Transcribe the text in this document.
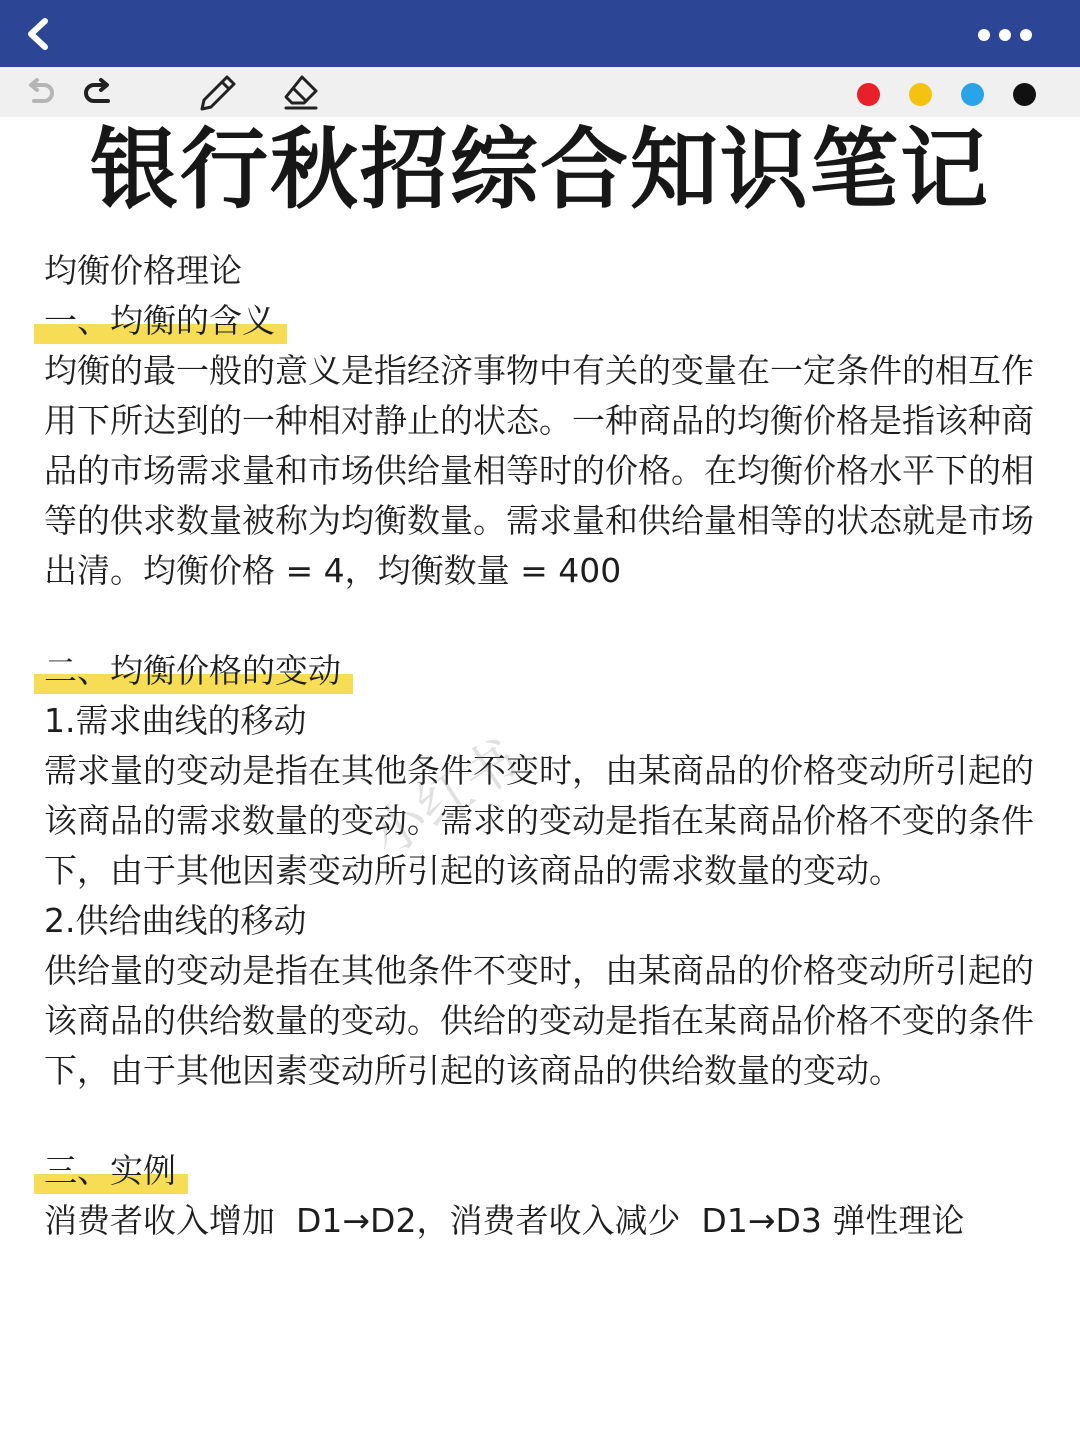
银行秋招综合知识笔记
均衡价格理论
一、均衡的含义
均衡的最一般的意义是指经济事物中有关的变量在一定条件的相互作用下所达到的一种相对静止的状态。一种商品的均衡价格是指该种商品的市场需求量和市场供给量相等时的价格。在均衡价格水平下的相等的供求数量被称为均衡数量。需求量和供给量相等的状态就是市场出清。均衡价格 = 4，均衡数量 = 400
二、均衡价格的变动
1.需求曲线的移动
需求量的变动是指在其他条件不变时，由某商品的价格变动所引起的该商品的需求数量的变动。需求的变动是指在某商品价格不变的条件下，由于其他因素变动所引起的该商品的需求数量的变动。
2.供给曲线的移动
供给量的变动是指在其他条件不变时，由某商品的价格变动所引起的该商品的供给数量的变动。供给的变动是指在某商品价格不变的条件下，由于其他因素变动所引起的该商品的供给数量的变动。
三、实例
消费者收入增加  D1→D2，消费者收入减少  D1→D3 弹性理论
小红书
